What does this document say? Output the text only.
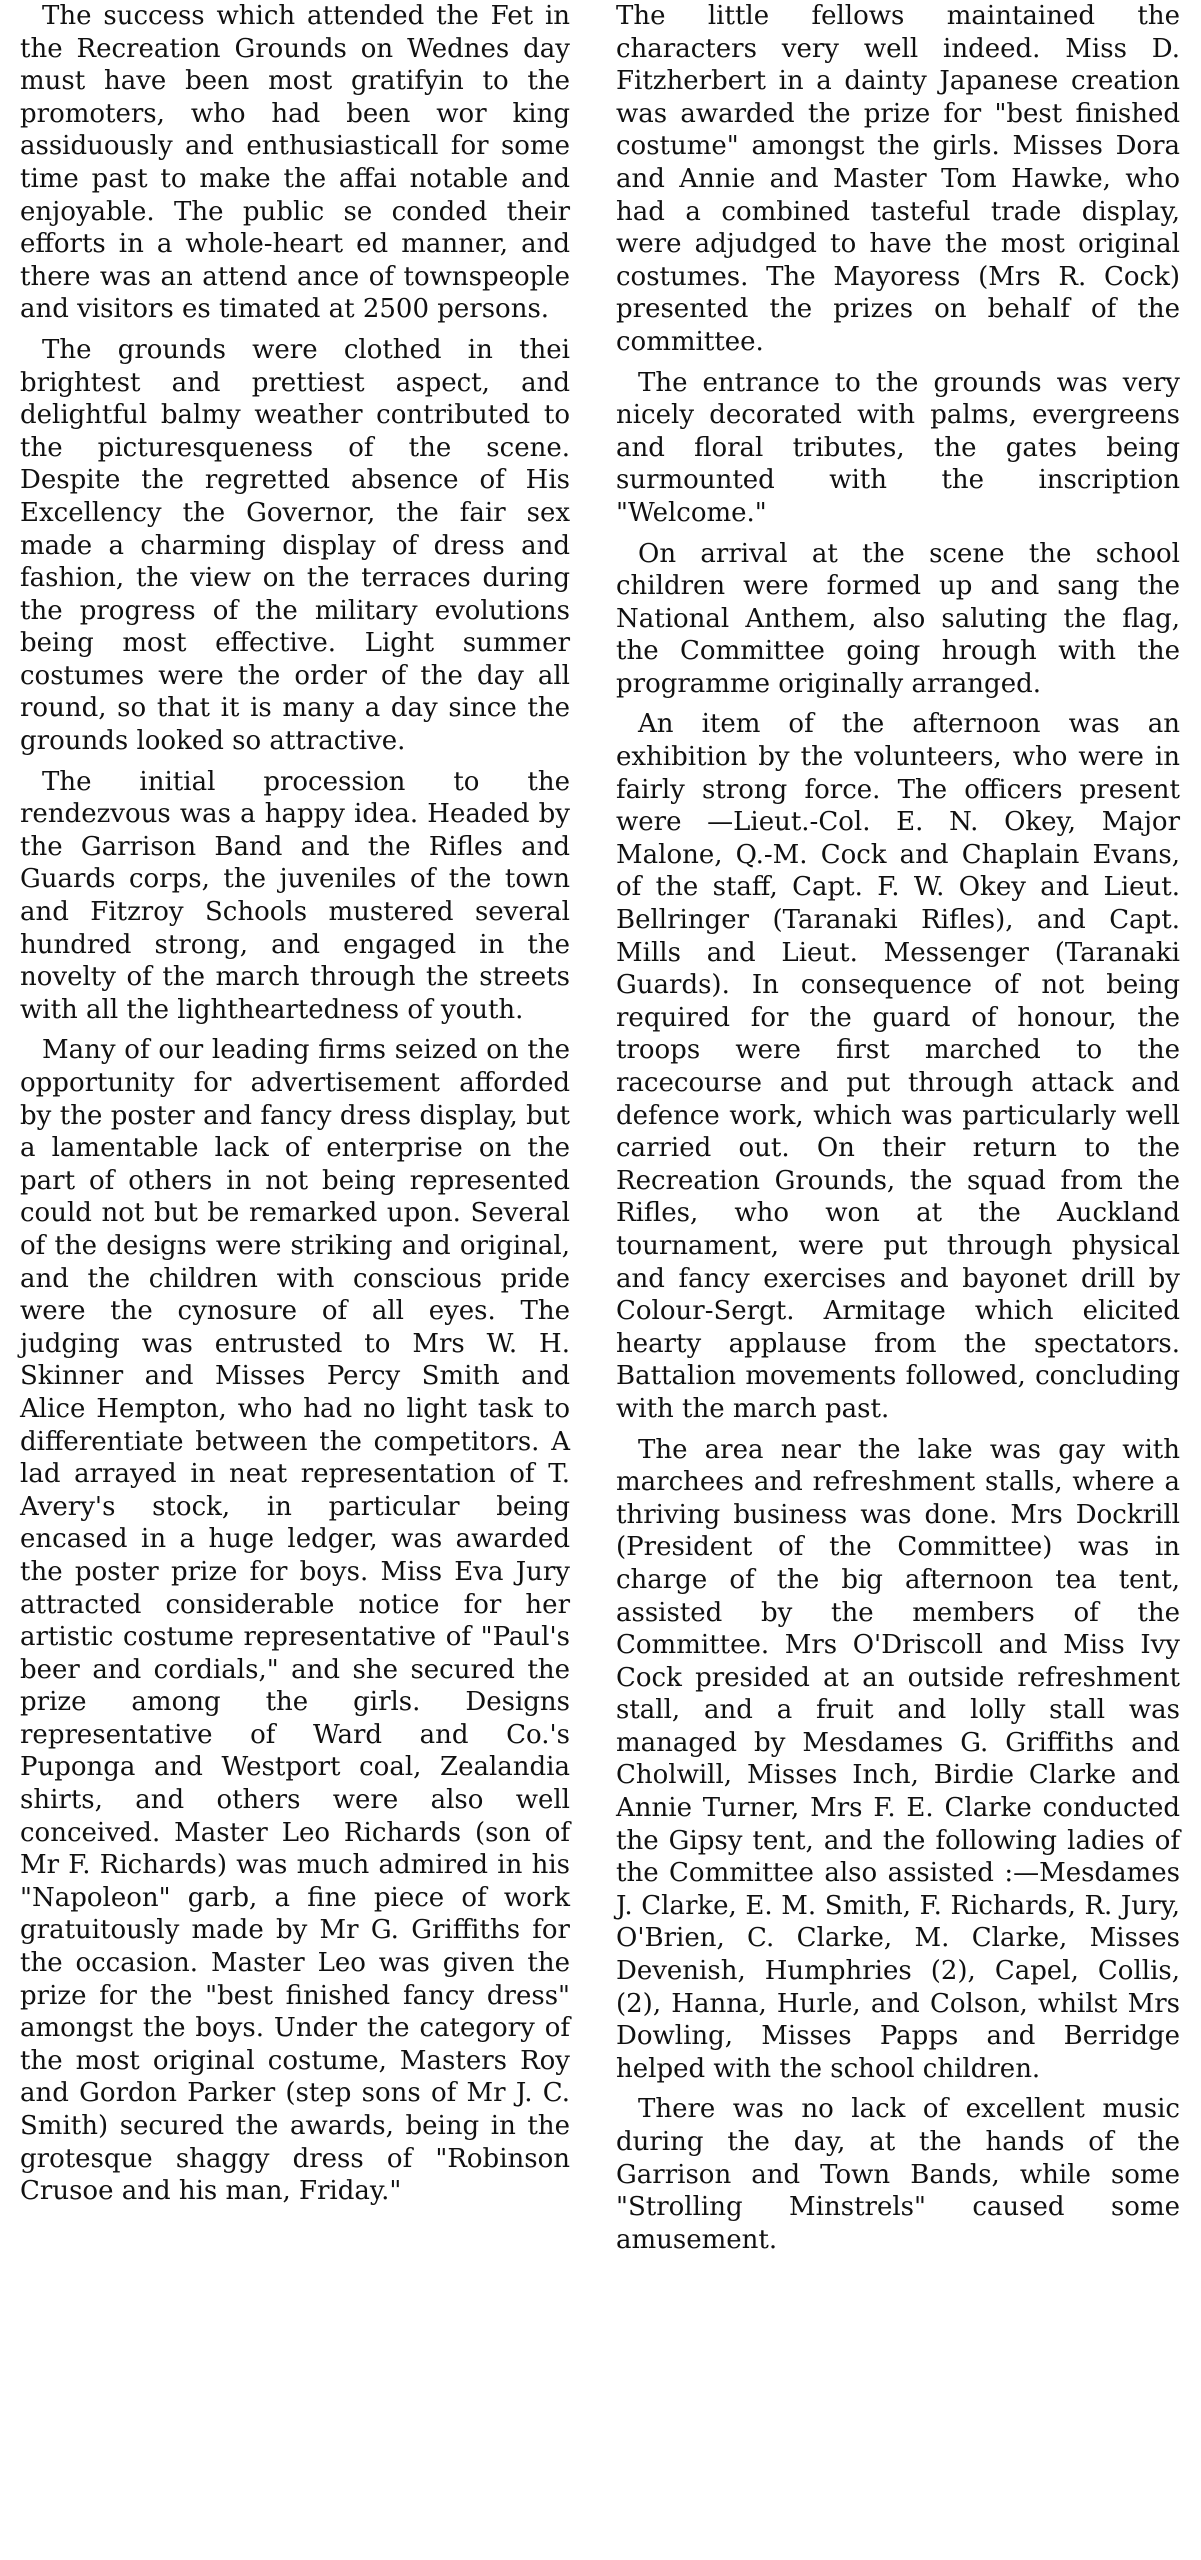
The success which attended the Fet in the Recreation Grounds on Wednes day must have been most gratifyin to the promoters, who had been wor king assiduously and enthusiasticall for some time past to make the affai notable and enjoyable. The public se conded their efforts in a whole-heart ed manner, and there was an attend ance of townspeople and visitors es timated at 2500 persons.

The grounds were clothed in thei brightest and prettiest aspect, and delightful balmy weather contributed to the picturesqueness of the scene. Despite the regretted absence of His Excellency the Governor, the fair sex made a charming display of dress and fashion, the view on the terraces during the progress of the military evolutions being most effective. Light summer costumes were the order of the day all round, so that it is many a day since the grounds looked so attractive.

The initial procession to the rendezvous was a happy idea. Headed by the Garrison Band and the Rifles and Guards corps, the juveniles of the town and Fitzroy Schools mustered several hundred strong, and engaged in the novelty of the march through the streets with all the lightheartedness of youth.

Many of our leading firms seized on the opportunity for advertisement afforded by the poster and fancy dress display, but a lamentable lack of enterprise on the part of others in not being represented could not but be remarked upon. Several of the designs were striking and original, and the children with conscious pride were the cynosure of all eyes. The judging was entrusted to Mrs W. H. Skinner and Misses Percy Smith and Alice Hempton, who had no light task to differentiate between the competitors. A lad arrayed in neat representation of T. Avery's stock, in particular being encased in a huge ledger, was awarded the poster prize for boys. Miss Eva Jury attracted considerable notice for her artistic costume representative of "Paul's beer and cordials," and she secured the prize among the girls. Designs representative of Ward and Co.'s Puponga and Westport coal, Zealandia shirts, and others were also well conceived. Master Leo Richards (son of Mr F. Richards) was much admired in his "Napoleon" garb, a fine piece of work gratuitously made by Mr G. Griffiths for the occasion. Master Leo was given the prize for the "best finished fancy dress" amongst the boys. Under the category of the most original costume, Masters Roy and Gordon Parker (step sons of Mr J. C. Smith) secured the awards, being in the grotesque shaggy dress of "Robinson Crusoe and his man, Friday."

The little fellows maintained the characters very well indeed. Miss D. Fitzherbert in a dainty Japanese creation was awarded the prize for "best finished costume" amongst the girls. Misses Dora and Annie and Master Tom Hawke, who had a combined tasteful trade display, were adjudged to have the most original costumes. The Mayoress (Mrs R. Cock) presented the prizes on behalf of the committee.

The entrance to the grounds was very nicely decorated with palms, evergreens and floral tributes, the gates being surmounted with the inscription "Welcome."

On arrival at the scene the school children were formed up and sang the National Anthem, also saluting the flag, the Committee going hrough with the programme originally arranged.

An item of the afternoon was an exhibition by the volunteers, who were in fairly strong force. The officers present were —Lieut.-Col. E. N. Okey, Major Malone, Q.-M. Cock and Chaplain Evans, of the staff, Capt. F. W. Okey and Lieut. Bellringer (Taranaki Rifles), and Capt. Mills and Lieut. Messenger (Taranaki Guards). In consequence of not being required for the guard of honour, the troops were first marched to the racecourse and put through attack and defence work, which was particularly well carried out. On their return to the Recreation Grounds, the squad from the Rifles, who won at the Auckland tournament, were put through physical and fancy exercises and bayonet drill by Colour-Sergt. Armitage which elicited hearty applause from the spectators. Battalion movements followed, concluding with the march past.

The area near the lake was gay with marchees and refreshment stalls, where a thriving business was done. Mrs Dockrill (President of the Committee) was in charge of the big afternoon tea tent, assisted by the members of the Committee. Mrs O'Driscoll and Miss Ivy Cock presided at an outside refreshment stall, and a fruit and lolly stall was managed by Mesdames G. Griffiths and Cholwill, Misses Inch, Birdie Clarke and Annie Turner, Mrs F. E. Clarke conducted the Gipsy tent, and the following ladies of the Committee also assisted :—Mesdames J. Clarke, E. M. Smith, F. Richards, R. Jury, O'Brien, C. Clarke, M. Clarke, Misses Devenish, Humphries (2), Capel, Collis, (2), Hanna, Hurle, and Colson, whilst Mrs Dowling, Misses Papps and Berridge helped with the school children.

There was no lack of excellent music during the day, at the hands of the Garrison and Town Bands, while some "Strolling Minstrels" caused some amusement.
